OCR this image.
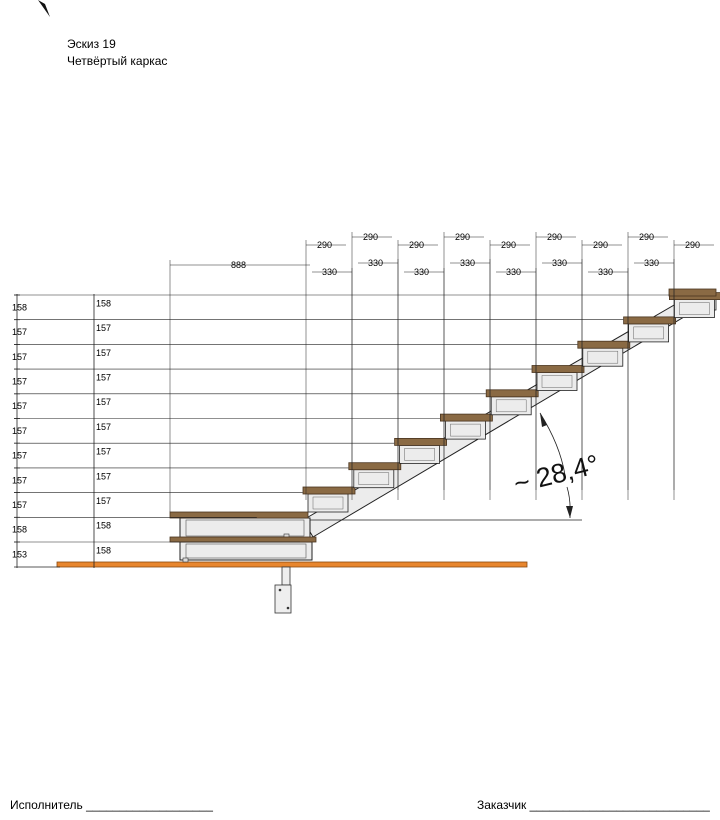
Эскиз 19
Четвёртый каркас
158	158
157	157
157	157
157	157
157	157
157	157
157	157
157	157
157	157
158	158
153	158
290
290
290
290
290
290
290
290
290
330
330
330
330
330
330
330
330
888
~ 28,4°
Исполнитель ___________________	Заказчик ___________________________
